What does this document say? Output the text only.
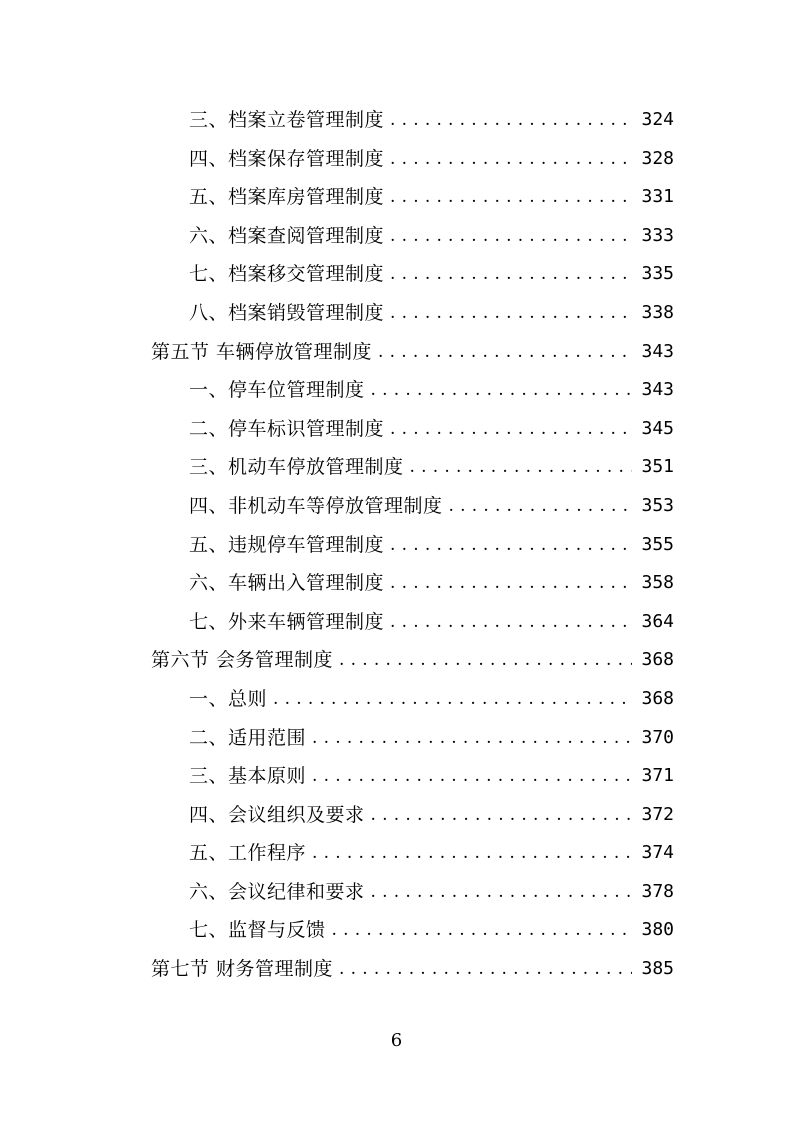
三、档案立卷管理制度 . . .	324
四、档案保存管理制度 . . .	328
五、档案库房管理制度 . . .	331
六、档案查阅管理制度 . . .	333
七、档案移交管理制度 . . .	335
八、档案销毁管理制度 . . .	338
第五节 车辆停放管理制度 . . .	343
一、停车位管理制度 . . .	343
二、停车标识管理制度 . . .	345
三、机动车停放管理制度 . . .	351
四、非机动车等停放管理制度 . . .	353
五、违规停车管理制度 . . .	355
六、车辆出入管理制度 . . .	358
七、外来车辆管理制度 . . .	364
第六节 会务管理制度 . . .	368
一、总则 . . .	368
二、适用范围 . . .	370
三、基本原则 . . .	371
四、会议组织及要求 . . .	372
五、工作程序 . . .	374
六、会议纪律和要求 . . .	378
七、监督与反馈 . . .	380
第七节 财务管理制度 . . .	385
6
